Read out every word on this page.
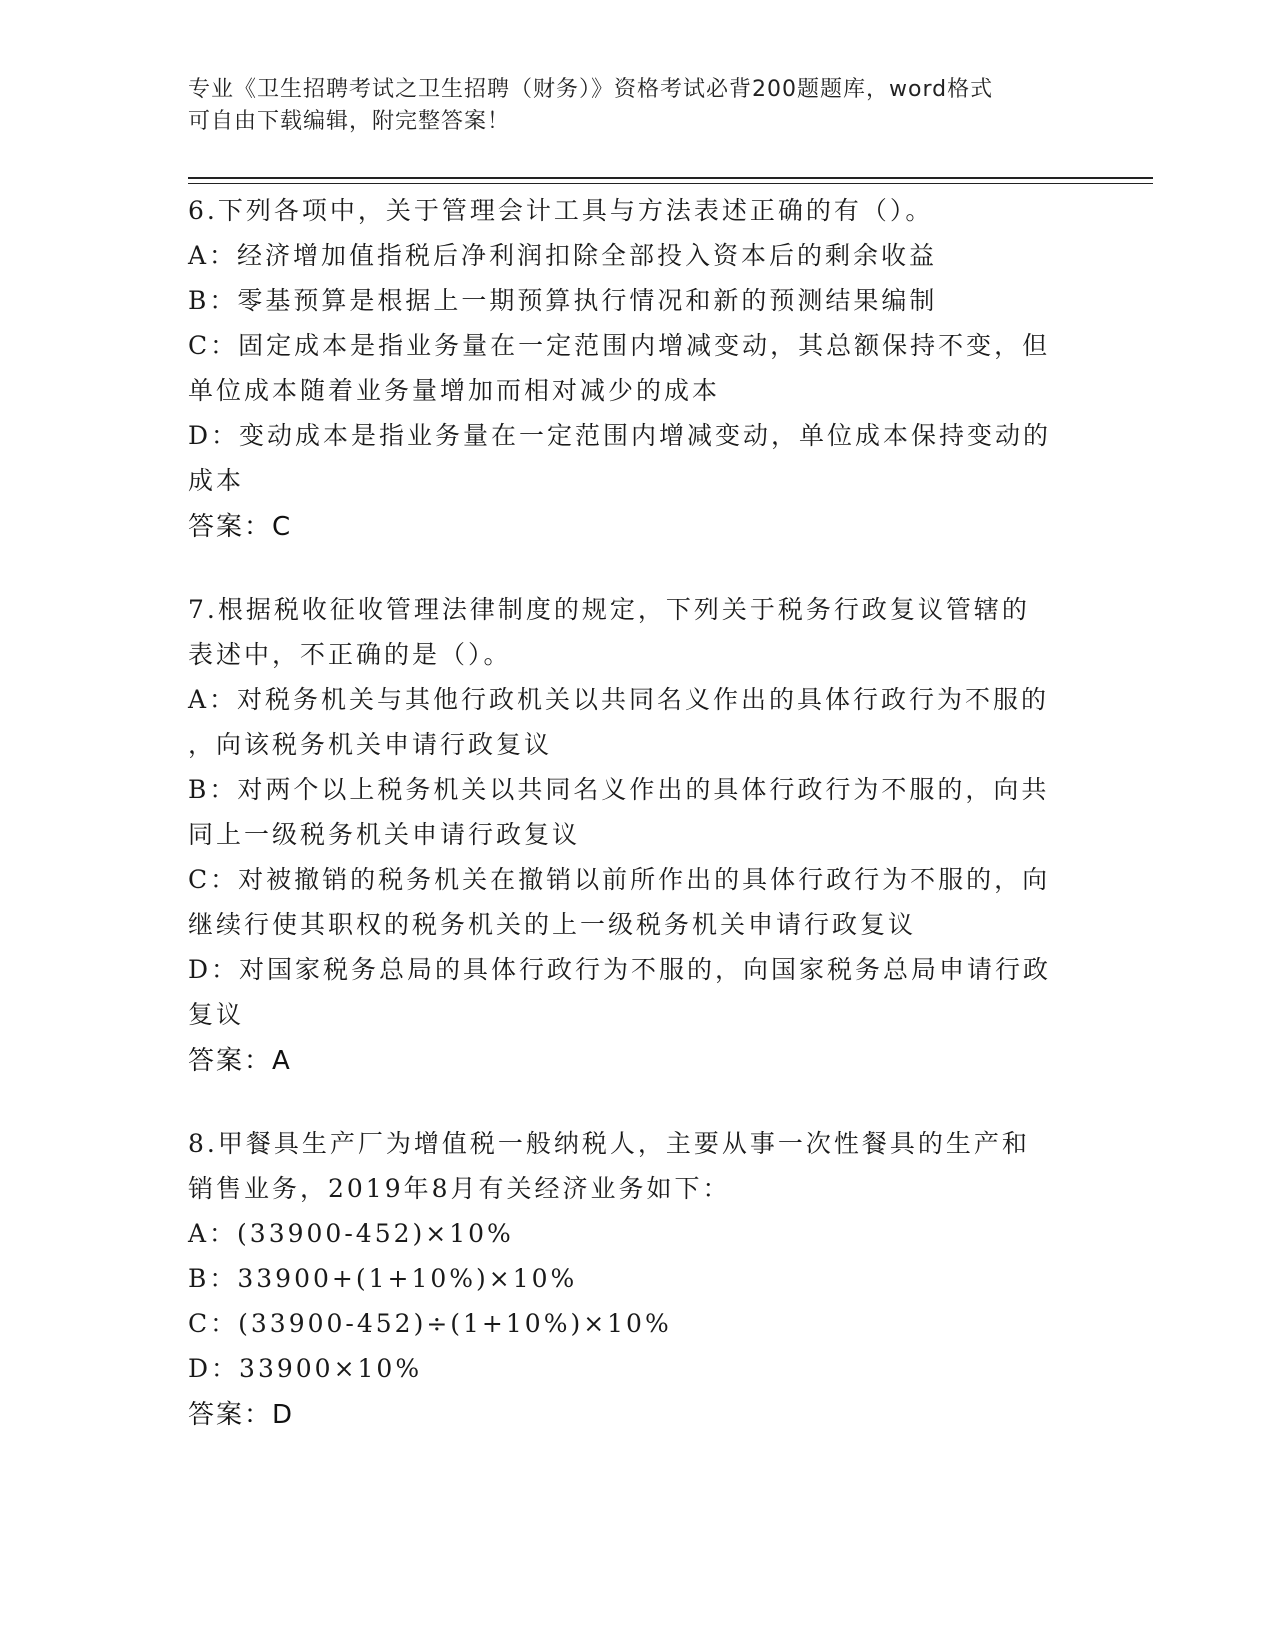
专业《卫生招聘考试之卫生招聘（财务）》资格考试必背200题题库，word格式
可自由下载编辑，附完整答案！
6.下列各项中，关于管理会计工具与方法表述正确的有（）。
A：经济增加值指税后净利润扣除全部投入资本后的剩余收益
B：零基预算是根据上一期预算执行情况和新的预测结果编制
C：固定成本是指业务量在一定范围内增减变动，其总额保持不变，但
单位成本随着业务量增加而相对减少的成本
D：变动成本是指业务量在一定范围内增减变动，单位成本保持变动的
成本
答案：C
7.根据税收征收管理法律制度的规定，下列关于税务行政复议管辖的
表述中，不正确的是（）。
A：对税务机关与其他行政机关以共同名义作出的具体行政行为不服的
，向该税务机关申请行政复议
B：对两个以上税务机关以共同名义作出的具体行政行为不服的，向共
同上一级税务机关申请行政复议
C：对被撤销的税务机关在撤销以前所作出的具体行政行为不服的，向
继续行使其职权的税务机关的上一级税务机关申请行政复议
D：对国家税务总局的具体行政行为不服的，向国家税务总局申请行政
复议
答案：A
8.甲餐具生产厂为增值税一般纳税人，主要从事一次性餐具的生产和
销售业务，2019年8月有关经济业务如下：
A：(33900-452)×10%
B：33900+(1+10%)×10%
C：(33900-452)÷(1+10%)×10%
D：33900×10%
答案：D
